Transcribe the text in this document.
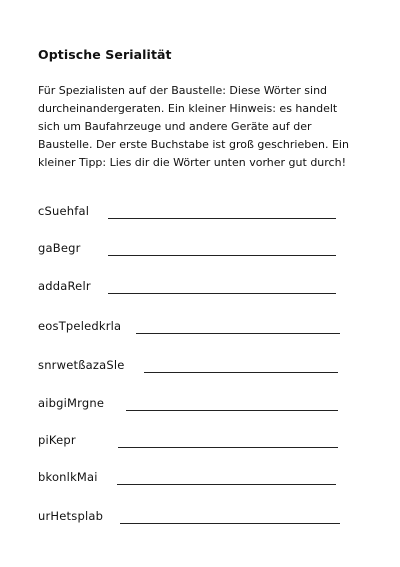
Optische Serialität
Für Spezialisten auf der Baustelle: Diese Wörter sind
durcheinandergeraten. Ein kleiner Hinweis: es handelt
sich um Baufahrzeuge und andere Geräte auf der
Baustelle. Der erste Buchstabe ist groß geschrieben. Ein
kleiner Tipp: Lies dir die Wörter unten vorher gut durch!
cSuehfal
gaBegr
addaRelr
eosTpeledkrla
snrwetßazaSle
aibgiMrgne
piKepr
bkonlkMai
urHetsplab
